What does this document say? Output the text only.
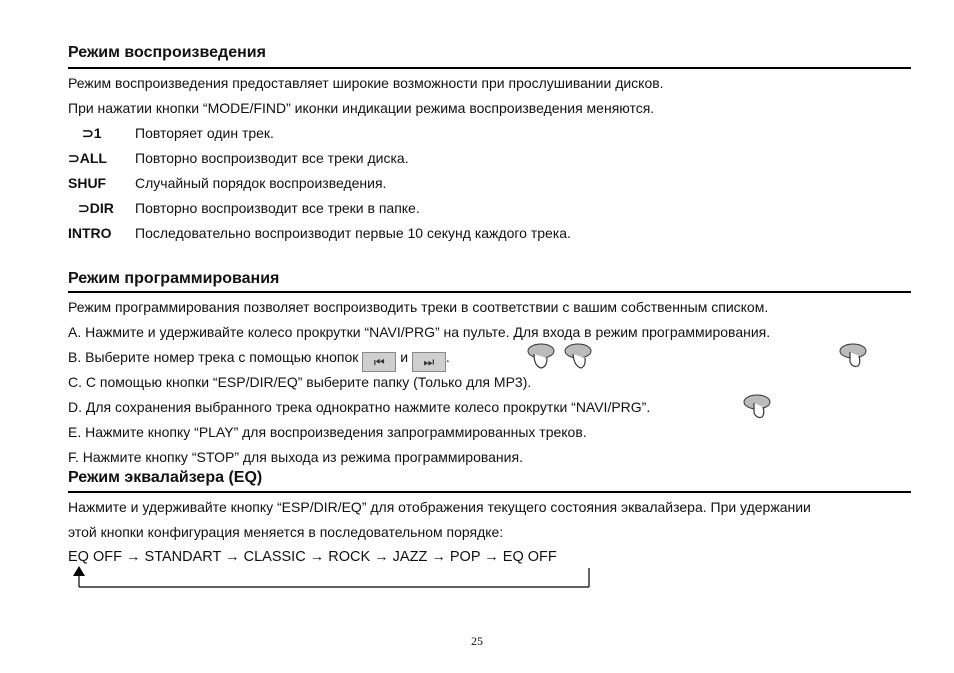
Режим воспроизведения
Режим воспроизведения предоставляет широкие возможности при прослушивании дисков.
При нажатии кнопки “MODE/FIND” иконки индикации режима воспроизведения меняются.
⊃1 Повторяет один трек.
⊃ALL Повторно воспроизводит все треки диска.
SHUF Случайный порядок воспроизведения.
⊃DIR Повторно воспроизводит все треки в папке.
INTRO Последовательно воспроизводит первые 10 секунд каждого трека.
Режим программирования
Режим программирования позволяет воспроизводить треки в соответствии с вашим собственным списком.
A. Нажмите и удерживайте колесо прокрутки “NAVI/PRG” на пульте. Для входа в режим программирования.
B. Выберите номер трека с помощью кнопок ⏮ и ⏭ .
C. С помощью кнопки “ESP/DIR/EQ” выберите папку (Только для MP3).
D. Для сохранения выбранного трека однократно нажмите колесо прокрутки “NAVI/PRG”.
E. Нажмите кнопку “PLAY” для воспроизведения запрограммированных треков.
F. Нажмите кнопку “STOP” для выхода из режима программирования.
Режим эквалайзера (EQ)
Нажмите и удерживайте кнопку “ESP/DIR/EQ” для отображения текущего состояния эквалайзера. При удержании
этой кнопки конфигурация меняется в последовательном порядке:
EQ OFF → STANDART → CLASSIC → ROCK → JAZZ → POP → EQ OFF
25
